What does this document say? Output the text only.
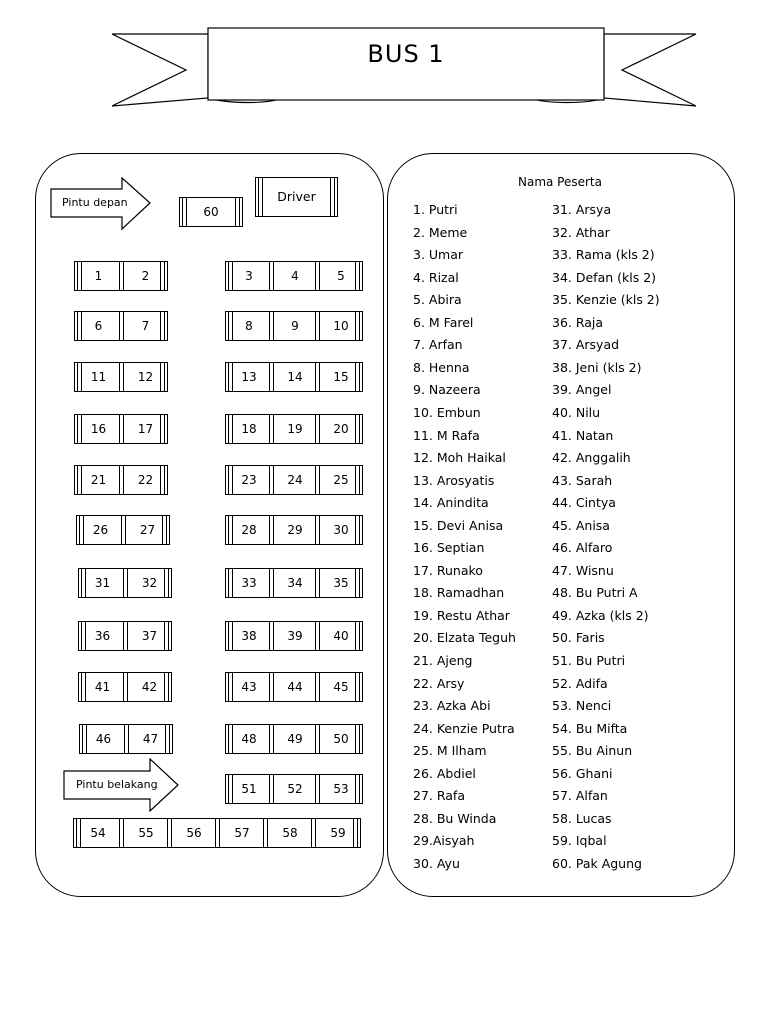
BUS 1
Pintu depan
60
Driver
1	2	3	4	5
6	7	8	9	10
11	12	13	14	15
16	17	18	19	20
21	22	23	24	25
26	27	28	29	30
31	32	33	34	35
36	37	38	39	40
41	42	43	44	45
46	47	48	49	50
51	52	53
54	55	56	57	58	59
Pintu belakang
Nama Peserta
1. Putri
2. Meme
3. Umar
4. Rizal
5. Abira
6. M Farel
7. Arfan
8. Henna
9. Nazeera
10. Embun
11. M Rafa
12. Moh Haikal
13. Arosyatis
14. Anindita
15. Devi Anisa
16. Septian
17. Runako
18. Ramadhan
19. Restu Athar
20. Elzata Teguh
21. Ajeng
22. Arsy
23. Azka Abi
24. Kenzie Putra
25. M Ilham
26. Abdiel
27. Rafa
28. Bu Winda
29.Aisyah
30. Ayu
31. Arsya
32. Athar
33. Rama (kls 2)
34. Defan (kls 2)
35. Kenzie (kls 2)
36. Raja
37. Arsyad
38. Jeni (kls 2)
39. Angel
40. Nilu
41. Natan
42. Anggalih
43. Sarah
44. Cintya
45. Anisa
46. Alfaro
47. Wisnu
48. Bu Putri A
49. Azka (kls 2)
50. Faris
51. Bu Putri
52. Adifa
53. Nenci
54. Bu Mifta
55. Bu Ainun
56. Ghani
57. Alfan
58. Lucas
59. Iqbal
60. Pak Agung
